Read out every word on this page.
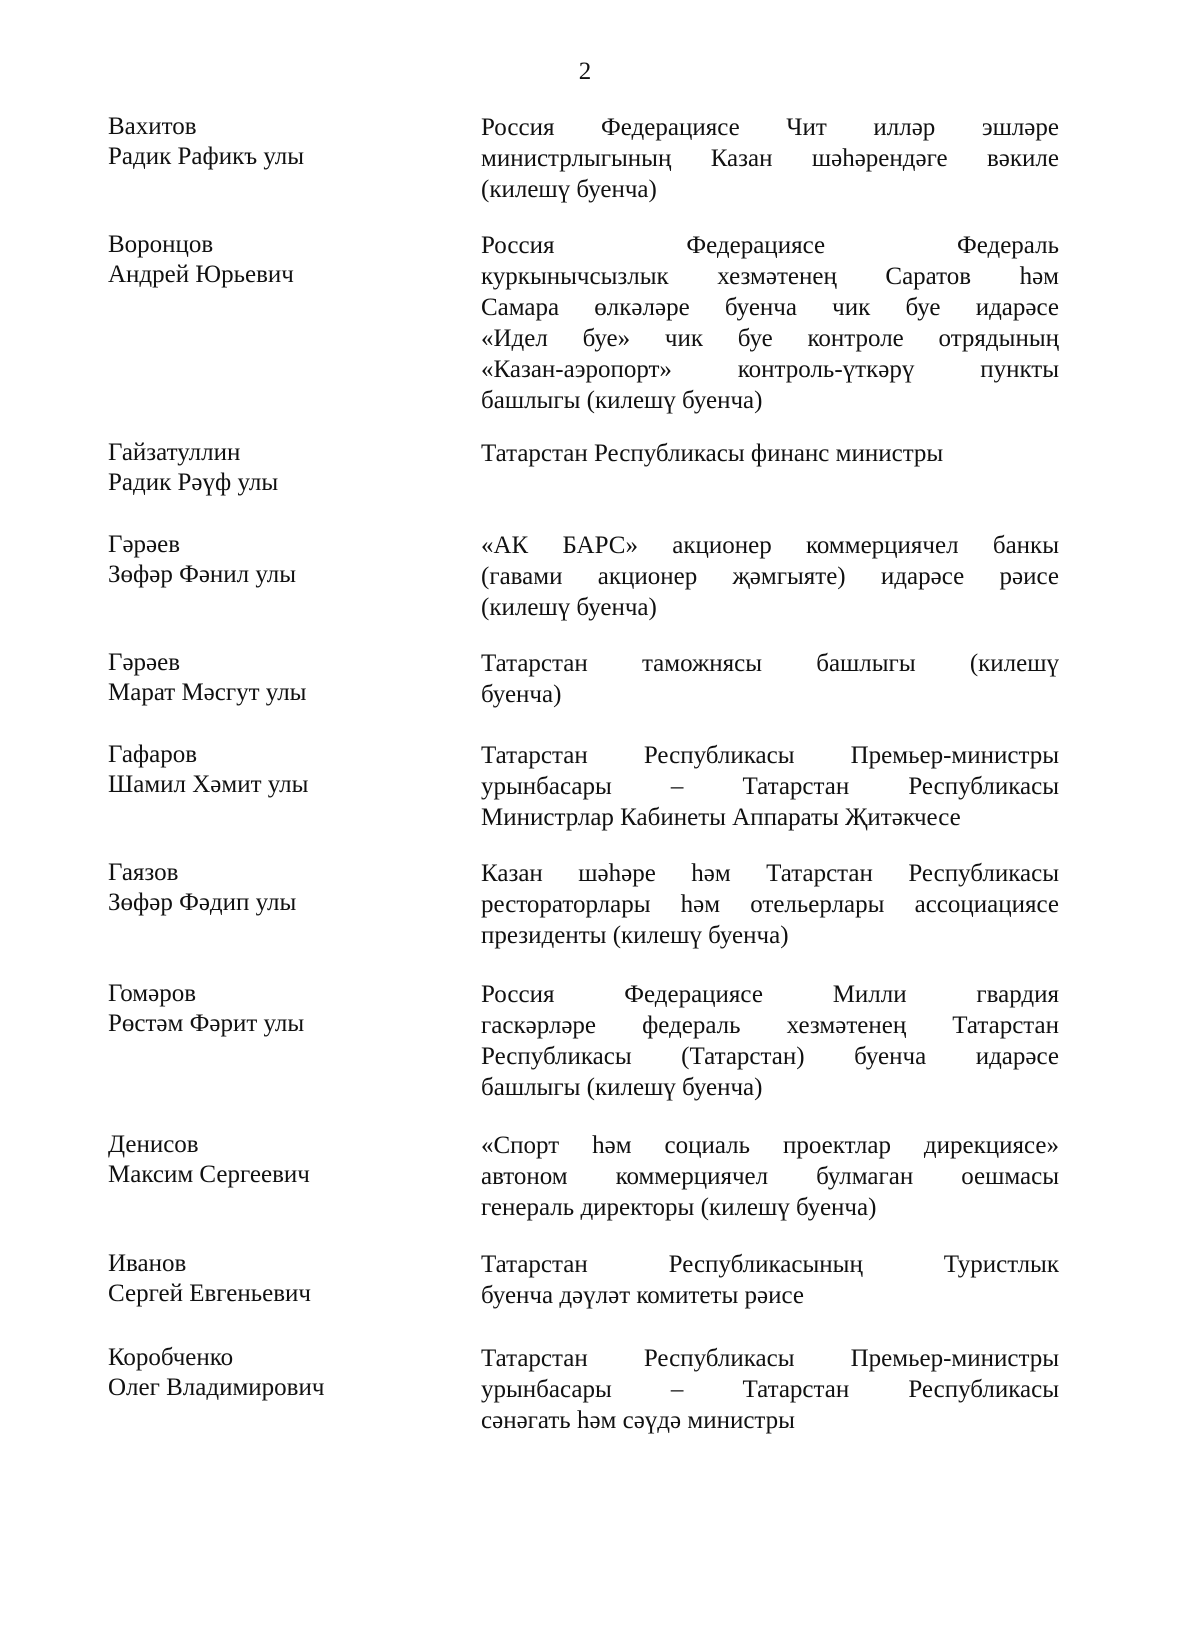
2
Вахитов
Радик Рафикъ улы
Россия Федерациясе Чит илләр эшләре
министрлыгының Казан шәһәрендәге вәкиле
(килешү буенча)
Воронцов
Андрей Юрьевич
Россия Федерациясе Федераль
куркынычсызлык хезмәтенең Саратов һәм
Самара өлкәләре буенча чик буе идарәсе
«Идел буе» чик буе контроле отрядының
«Казан-аэропорт» контроль-үткәрү пункты
башлыгы (килешү буенча)
Гайзатуллин
Радик Рәүф улы
Татарстан Республикасы финанс министры
Гәрәев
Зөфәр Фәнил улы
«АК БАРС» акционер коммерциячел банкы
(гавами акционер җәмгыяте) идарәсе рәисе
(килешү буенча)
Гәрәев
Марат Мәсгут улы
Татарстан таможнясы башлыгы (килешү
буенча)
Гафаров
Шамил Хәмит улы
Татарстан Республикасы Премьер-министры
урынбасары – Татарстан Республикасы
Министрлар Кабинеты Аппараты Җитәкчесе
Гаязов
Зөфәр Фәдип улы
Казан шәһәре һәм Татарстан Республикасы
рестораторлары һәм отельерлары ассоциациясе
президенты (килешү буенча)
Гомәров
Рөстәм Фәрит улы
Россия Федерациясе Милли гвардия
гаскәрләре федераль хезмәтенең Татарстан
Республикасы (Татарстан) буенча идарәсе
башлыгы (килешү буенча)
Денисов
Максим Сергеевич
«Спорт һәм социаль проектлар дирекциясе»
автоном коммерциячел булмаган оешмасы
генераль директоры (килешү буенча)
Иванов
Сергей Евгеньевич
Татарстан Республикасының Туристлык
буенча дәүләт комитеты рәисе
Коробченко
Олег Владимирович
Татарстан Республикасы Премьер-министры
урынбасары – Татарстан Республикасы
сәнәгать һәм сәүдә министры
